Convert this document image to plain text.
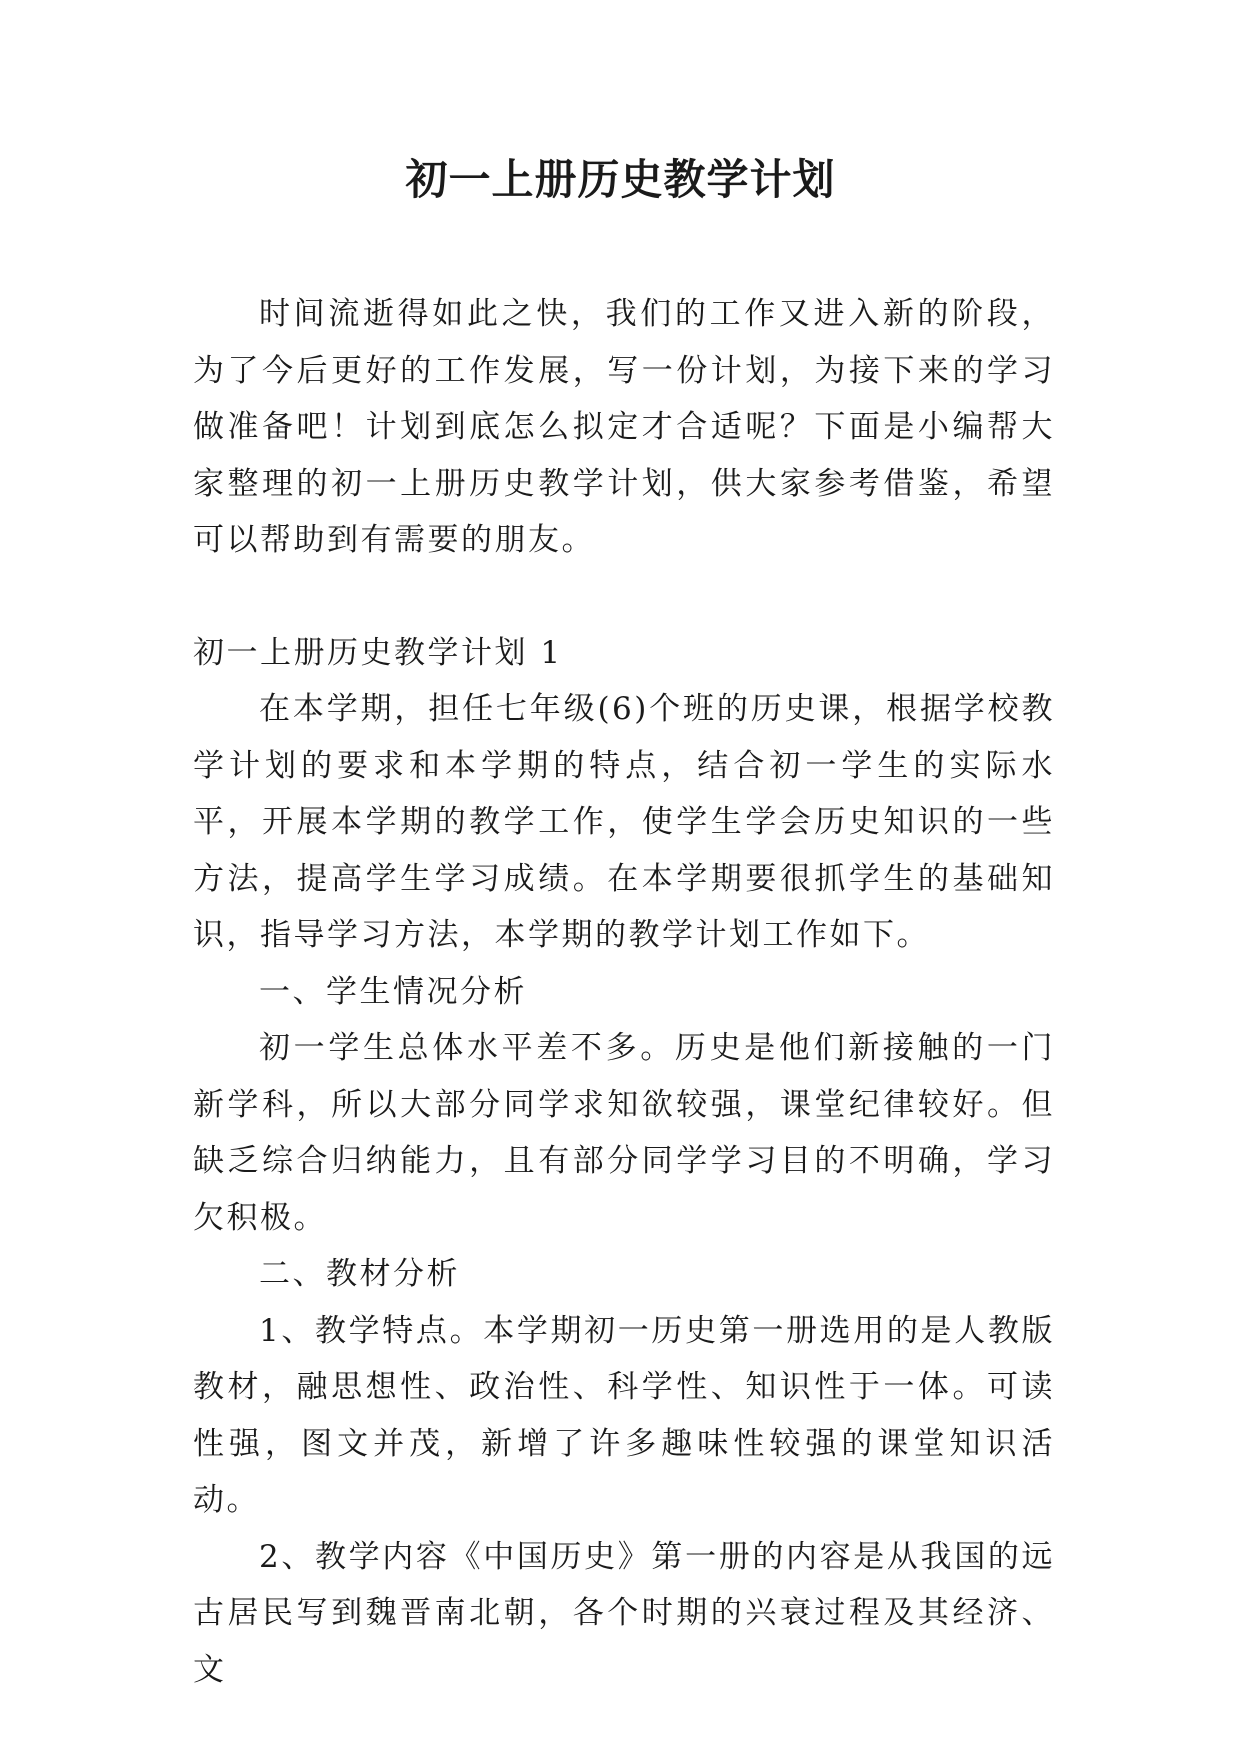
初一上册历史教学计划

时间流逝得如此之快，我们的工作又进入新的阶段，为了今后更好的工作发展，写一份计划，为接下来的学习做准备吧！计划到底怎么拟定才合适呢？下面是小编帮大家整理的初一上册历史教学计划，供大家参考借鉴，希望可以帮助到有需要的朋友。

初一上册历史教学计划 1

在本学期，担任七年级(6)个班的历史课，根据学校教学计划的要求和本学期的特点，结合初一学生的实际水平，开展本学期的教学工作，使学生学会历史知识的一些方法，提高学生学习成绩。在本学期要很抓学生的基础知识，指导学习方法，本学期的教学计划工作如下。

一、学生情况分析

初一学生总体水平差不多。历史是他们新接触的一门新学科，所以大部分同学求知欲较强，课堂纪律较好。但缺乏综合归纳能力，且有部分同学学习目的不明确，学习欠积极。

二、教材分析

1、教学特点。本学期初一历史第一册选用的是人教版教材，融思想性、政治性、科学性、知识性于一体。可读性强，图文并茂，新增了许多趣味性较强的课堂知识活动。

2、教学内容《中国历史》第一册的内容是从我国的远古居民写到魏晋南北朝，各个时期的兴衰过程及其经济、文
